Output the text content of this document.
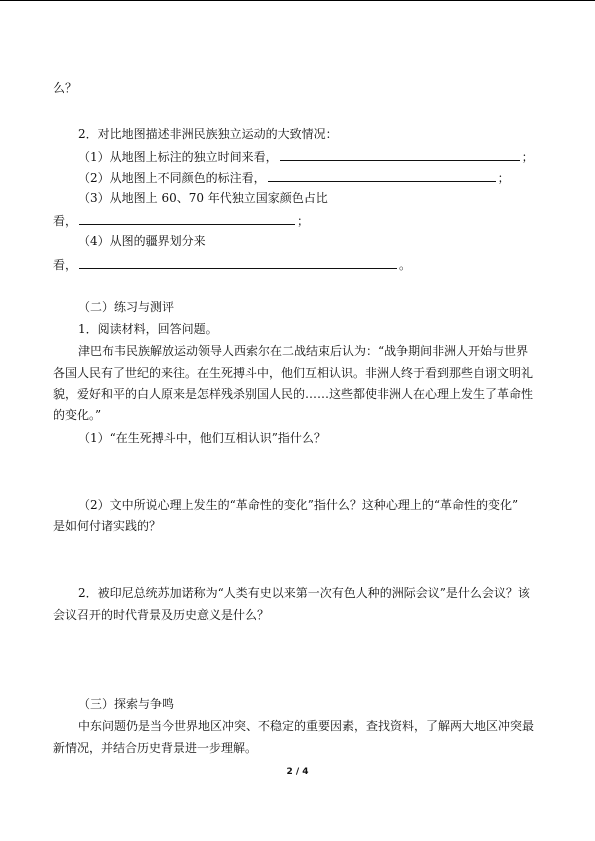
么？
2．对比地图描述非洲民族独立运动的大致情况：
（1）从地图上标注的独立时间来看，	；
（2）从地图上不同颜色的标注看，	；
（3）从地图上 60、70 年代独立国家颜色占比
看，	；
（4）从图的疆界划分来
看，	。
（二）练习与测评
1．阅读材料，回答问题。
津巴布韦民族解放运动领导人西索尔在二战结束后认为：“战争期间非洲人开始与世界
各国人民有了世纪的来往。在生死搏斗中，他们互相认识。非洲人终于看到那些自诩文明礼
貌，爱好和平的白人原来是怎样残杀别国人民的……这些都使非洲人在心理上发生了革命性
的变化。”
（1）“在生死搏斗中，他们互相认识”指什么？
（2）文中所说心理上发生的“革命性的变化”指什么？这种心理上的“革命性的变化”
是如何付诸实践的？
2．被印尼总统苏加诺称为“人类有史以来第一次有色人种的洲际会议”是什么会议？该
会议召开的时代背景及历史意义是什么？
（三）探索与争鸣
中东问题仍是当今世界地区冲突、不稳定的重要因素，查找资料，了解两大地区冲突最
新情况，并结合历史背景进一步理解。
2 / 4
